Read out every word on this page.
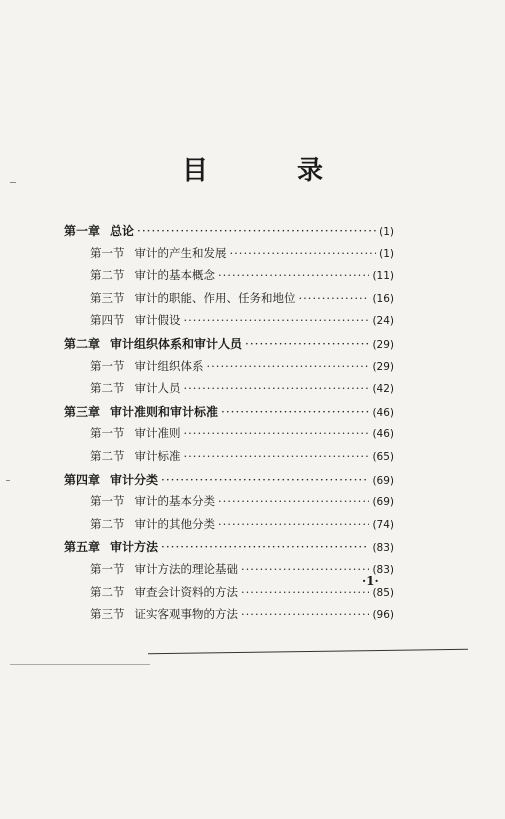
目 录
第一章 总论 ·····	(1)
第一节 审计的产生和发展 ·····	(1)
第二节 审计的基本概念 ·····	(11)
第三节 审计的职能、作用、任务和地位 ·····	(16)
第四节 审计假设 ·····	(24)
第二章 审计组织体系和审计人员 ·····	(29)
第一节 审计组织体系 ·····	(29)
第二节 审计人员 ·····	(42)
第三章 审计准则和审计标准 ·····	(46)
第一节 审计准则 ·····	(46)
第二节 审计标准 ·····	(65)
第四章 审计分类 ·····	(69)
第一节 审计的基本分类 ·····	(69)
第二节 审计的其他分类 ·····	(74)
第五章 审计方法 ·····	(83)
第一节 审计方法的理论基础 ·····	(83)
第二节 审查会计资料的方法 ·····	(85)
第三节 证实客观事物的方法 ·····	(96)
·1·
